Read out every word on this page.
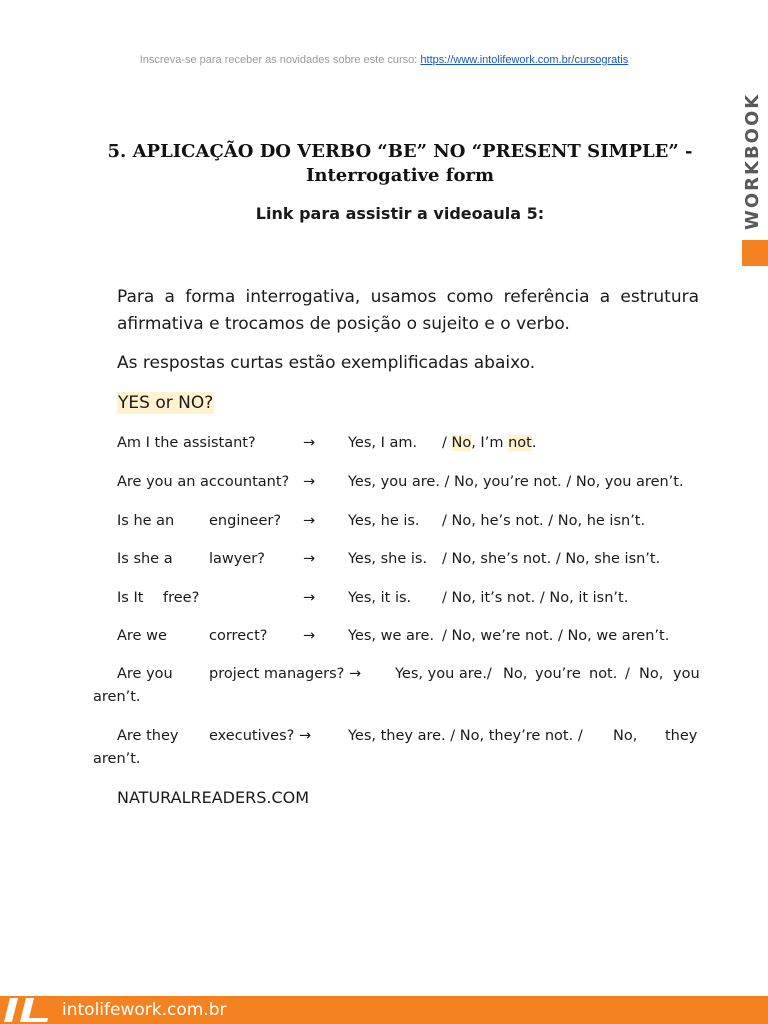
Inscreva-se para receber as novidades sobre este curso: https://www.intolifework.com.br/cursogratis
WORKBOOK
5. APLICAÇÃO DO VERBO “BE” NO “PRESENT SIMPLE” -
Interrogative form
Link para assistir a videoaula 5:
Para a forma interrogativa, usamos como referência a estrutura afirmativa e trocamos de posição o sujeito e o verbo.
As respostas curtas estão exemplificadas abaixo.
YES or NO?
Am I the assistant?	→ Yes, I am. / No, I’m not.
Are you an accountant? → Yes, you are. / No, you’re not. / No, you aren’t.
Is he an engineer? → Yes, he is. / No, he’s not. / No, he isn’t.
Is she a	lawyer?	→ Yes, she is. / No, she’s not. / No, she isn’t.
Is It free?	→ Yes, it is. / No, it’s not. / No, it isn’t.
Are we	correct? → Yes, we are. / No, we’re not. / No, we aren’t.
Are you	project managers? → Yes, you are./ No, you’re not. / No, you
aren’t.
Are they executives? →	Yes, they are. / No, they’re not. / No, they
aren’t.
NATURALREADERS.COM
intolifework.com.br
